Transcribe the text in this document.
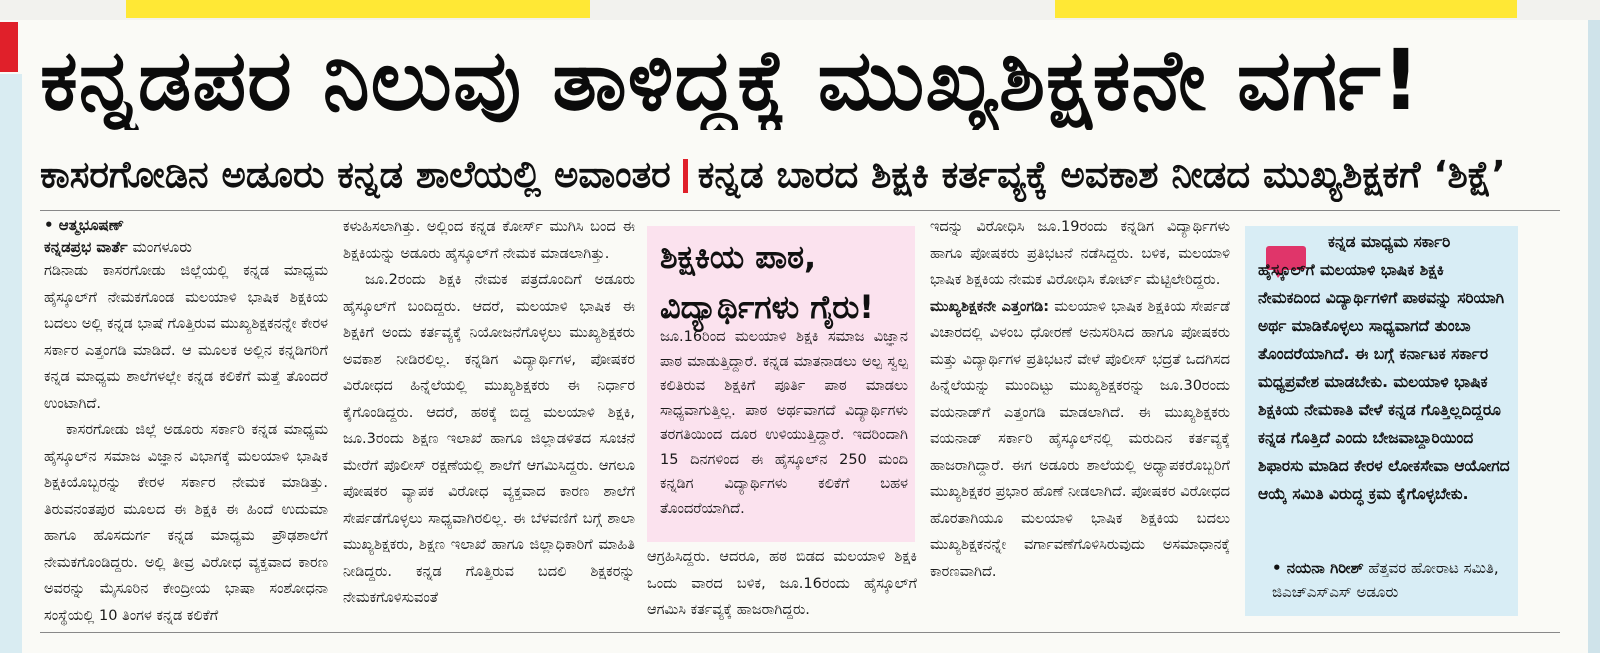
ಕನ್ನಡಪರ ನಿಲುವು ತಾಳಿದ್ದಕ್ಕೆ ಮುಖ್ಯಶಿಕ್ಷಕನೇ ವರ್ಗ!
ಕಾಸರಗೋಡಿನ ಅಡೂರು ಕನ್ನಡ ಶಾಲೆಯಲ್ಲಿ ಅವಾಂತರ ಕನ್ನಡ ಬಾರದ ಶಿಕ್ಷಕಿ ಕರ್ತವ್ಯಕ್ಕೆ ಅವಕಾಶ ನೀಡದ ಮುಖ್ಯಶಿಕ್ಷಕಗೆ ‘ಶಿಕ್ಷೆ’
• ಆತ್ಮಭೂಷಣ್
ಕನ್ನಡಪ್ರಭ ವಾರ್ತೆ ಮಂಗಳೂರು

ಗಡಿನಾಡು ಕಾಸರಗೋಡು ಜಿಲ್ಲೆಯಲ್ಲಿ ಕನ್ನಡ ಮಾಧ್ಯಮ ಹೈಸ್ಕೂಲ್‌ಗೆ ನೇಮಕಗೊಂಡ ಮಲಯಾಳಿ ಭಾಷಿಕ ಶಿಕ್ಷಕಿಯ ಬದಲು ಅಲ್ಲಿ ಕನ್ನಡ ಭಾಷೆ ಗೊತ್ತಿರುವ ಮುಖ್ಯಶಿಕ್ಷಕನನ್ನೇ ಕೇರಳ ಸರ್ಕಾರ ಎತ್ತಂಗಡಿ ಮಾಡಿದೆ. ಆ ಮೂಲಕ ಅಲ್ಲಿನ ಕನ್ನಡಿಗರಿಗೆ ಕನ್ನಡ ಮಾಧ್ಯಮ ಶಾಲೆಗಳಲ್ಲೇ ಕನ್ನಡ ಕಲಿಕೆಗೆ ಮತ್ತೆ ತೊಂದರೆ ಉಂಟಾಗಿದೆ.

ಕಾಸರಗೋಡು ಜಿಲ್ಲೆ ಅಡೂರು ಸರ್ಕಾರಿ ಕನ್ನಡ ಮಾಧ್ಯಮ ಹೈಸ್ಕೂಲ್‌ನ ಸಮಾಜ ವಿಜ್ಞಾನ ವಿಭಾಗಕ್ಕೆ ಮಲಯಾಳಿ ಭಾಷಿಕ ಶಿಕ್ಷಕಿಯೊಬ್ಬರನ್ನು ಕೇರಳ ಸರ್ಕಾರ ನೇಮಕ ಮಾಡಿತ್ತು. ತಿರುವನಂತಪುರ ಮೂಲದ ಈ ಶಿಕ್ಷಕಿ ಈ ಹಿಂದೆ ಉದುಮಾ ಹಾಗೂ ಹೊಸದುರ್ಗ ಕನ್ನಡ ಮಾಧ್ಯಮ ಪ್ರೌಢಶಾಲೆಗೆ ನೇಮಕಗೊಂಡಿದ್ದರು. ಅಲ್ಲಿ ತೀವ್ರ ವಿರೋಧ ವ್ಯಕ್ತವಾದ ಕಾರಣ ಅವರನ್ನು ಮೈಸೂರಿನ ಕೇಂದ್ರೀಯ ಭಾಷಾ ಸಂಶೋಧನಾ ಸಂಸ್ಥೆಯಲ್ಲಿ 10 ತಿಂಗಳ ಕನ್ನಡ ಕಲಿಕೆಗೆ

ಕಳುಹಿಸಲಾಗಿತ್ತು. ಅಲ್ಲಿಂದ ಕನ್ನಡ ಕೋರ್ಸ್ ಮುಗಿಸಿ ಬಂದ ಈ ಶಿಕ್ಷಕಿಯನ್ನು ಅಡೂರು ಹೈಸ್ಕೂಲ್‌ಗೆ ನೇಮಕ ಮಾಡಲಾಗಿತ್ತು.

ಜೂ.2ರಂದು ಶಿಕ್ಷಕಿ ನೇಮಕ ಪತ್ರದೊಂದಿಗೆ ಅಡೂರು ಹೈಸ್ಕೂಲ್‌ಗೆ ಬಂದಿದ್ದರು. ಆದರೆ, ಮಲಯಾಳಿ ಭಾಷಿಕ ಈ ಶಿಕ್ಷಕಿಗೆ ಅಂದು ಕರ್ತವ್ಯಕ್ಕೆ ನಿಯೋಜನೆಗೊಳ್ಳಲು ಮುಖ್ಯಶಿಕ್ಷಕರು ಅವಕಾಶ ನೀಡಿರಲಿಲ್ಲ. ಕನ್ನಡಿಗ ವಿದ್ಯಾರ್ಥಿಗಳ, ಪೋಷಕರ ವಿರೋಧದ ಹಿನ್ನೆಲೆಯಲ್ಲಿ ಮುಖ್ಯಶಿಕ್ಷಕರು ಈ ನಿರ್ಧಾರ ಕೈಗೊಂಡಿದ್ದರು. ಆದರೆ, ಹಠಕ್ಕೆ ಬಿದ್ದ ಮಲಯಾಳಿ ಶಿಕ್ಷಕಿ, ಜೂ.3ರಂದು ಶಿಕ್ಷಣ ಇಲಾಖೆ ಹಾಗೂ ಜಿಲ್ಲಾಡಳಿತದ ಸೂಚನೆ ಮೇರೆಗೆ ಪೊಲೀಸ್ ರಕ್ಷಣೆಯಲ್ಲಿ ಶಾಲೆಗೆ ಆಗಮಿಸಿದ್ದರು. ಆಗಲೂ ಪೋಷಕರ ವ್ಯಾಪಕ ವಿರೋಧ ವ್ಯಕ್ತವಾದ ಕಾರಣ ಶಾಲೆಗೆ ಸೇರ್ಪಡೆಗೊಳ್ಳಲು ಸಾಧ್ಯವಾಗಿರಲಿಲ್ಲ. ಈ ಬೆಳವಣಿಗೆ ಬಗ್ಗೆ ಶಾಲಾ ಮುಖ್ಯಶಿಕ್ಷಕರು, ಶಿಕ್ಷಣ ಇಲಾಖೆ ಹಾಗೂ ಜಿಲ್ಲಾಧಿಕಾರಿಗೆ ಮಾಹಿತಿ ನೀಡಿದ್ದರು. ಕನ್ನಡ ಗೊತ್ತಿರುವ ಬದಲಿ ಶಿಕ್ಷಕರನ್ನು ನೇಮಕಗೊಳಿಸುವಂತೆ

ಶಿಕ್ಷಕಿಯ ಪಾಠ,
ವಿದ್ಯಾರ್ಥಿಗಳು ಗೈರು!
ಜೂ.16ರಿಂದ ಮಲಯಾಳಿ ಶಿಕ್ಷಕಿ ಸಮಾಜ ವಿಜ್ಞಾನ ಪಾಠ ಮಾಡುತ್ತಿದ್ದಾರೆ. ಕನ್ನಡ ಮಾತನಾಡಲು ಅಲ್ಪ ಸ್ವಲ್ಪ ಕಲಿತಿರುವ ಶಿಕ್ಷಕಿಗೆ ಪೂರ್ತಿ ಪಾಠ ಮಾಡಲು ಸಾಧ್ಯವಾಗುತ್ತಿಲ್ಲ. ಪಾಠ ಅರ್ಥವಾಗದೆ ವಿದ್ಯಾರ್ಥಿಗಳು ತರಗತಿಯಿಂದ ದೂರ ಉಳಿಯುತ್ತಿದ್ದಾರೆ. ಇದರಿಂದಾಗಿ 15 ದಿನಗಳಿಂದ ಈ ಹೈಸ್ಕೂಲ್‌ನ 250 ಮಂದಿ ಕನ್ನಡಿಗ ವಿದ್ಯಾರ್ಥಿಗಳು ಕಲಿಕೆಗೆ ಬಹಳ ತೊಂದರೆಯಾಗಿದೆ.

ಆಗ್ರಹಿಸಿದ್ದರು. ಆದರೂ, ಹಠ ಬಿಡದ ಮಲಯಾಳಿ ಶಿಕ್ಷಕಿ ಒಂದು ವಾರದ ಬಳಿಕ, ಜೂ.16ರಂದು ಹೈಸ್ಕೂಲ್‌ಗೆ ಆಗಮಿಸಿ ಕರ್ತವ್ಯಕ್ಕೆ ಹಾಜರಾಗಿದ್ದರು.

ಇದನ್ನು ವಿರೋಧಿಸಿ ಜೂ.19ರಂದು ಕನ್ನಡಿಗ ವಿದ್ಯಾರ್ಥಿಗಳು ಹಾಗೂ ಪೋಷಕರು ಪ್ರತಿಭಟನೆ ನಡೆಸಿದ್ದರು. ಬಳಿಕ, ಮಲಯಾಳಿ ಭಾಷಿಕ ಶಿಕ್ಷಕಿಯ ನೇಮಕ ವಿರೋಧಿಸಿ ಕೋರ್ಟ್ ಮೆಟ್ಟಿಲೇರಿದ್ದರು.

ಮುಖ್ಯಶಿಕ್ಷಕನೇ ಎತ್ತಂಗಡಿ: ಮಲಯಾಳಿ ಭಾಷಿಕ ಶಿಕ್ಷಕಿಯ ಸೇರ್ಪಡೆ ವಿಚಾರದಲ್ಲಿ ವಿಳಂಬ ಧೋರಣೆ ಅನುಸರಿಸಿದ ಹಾಗೂ ಪೋಷಕರು ಮತ್ತು ವಿದ್ಯಾರ್ಥಿಗಳ ಪ್ರತಿಭಟನೆ ವೇಳೆ ಪೊಲೀಸ್ ಭದ್ರತೆ ಒದಗಿಸದ ಹಿನ್ನೆಲೆಯನ್ನು ಮುಂದಿಟ್ಟು ಮುಖ್ಯಶಿಕ್ಷಕರನ್ನು ಜೂ.30ರಂದು ವಯನಾಡ್‌ಗೆ ಎತ್ತಂಗಡಿ ಮಾಡಲಾಗಿದೆ. ಈ ಮುಖ್ಯಶಿಕ್ಷಕರು ವಯನಾಡ್ ಸರ್ಕಾರಿ ಹೈಸ್ಕೂಲ್‌ನಲ್ಲಿ ಮರುದಿನ ಕರ್ತವ್ಯಕ್ಕೆ ಹಾಜರಾಗಿದ್ದಾರೆ. ಈಗ ಅಡೂರು ಶಾಲೆಯಲ್ಲಿ ಅಧ್ಯಾಪಕರೊಬ್ಬರಿಗೆ ಮುಖ್ಯಶಿಕ್ಷಕರ ಪ್ರಭಾರ ಹೊಣೆ ನೀಡಲಾಗಿದೆ. ಪೋಷಕರ ವಿರೋಧದ ಹೊರತಾಗಿಯೂ ಮಲಯಾಳಿ ಭಾಷಿಕ ಶಿಕ್ಷಕಿಯ ಬದಲು ಮುಖ್ಯಶಿಕ್ಷಕನನ್ನೇ ವರ್ಗಾವಣೆಗೊಳಿಸಿರುವುದು ಅಸಮಾಧಾನಕ್ಕೆ ಕಾರಣವಾಗಿದೆ.

ಕನ್ನಡ ಮಾಧ್ಯಮ ಸರ್ಕಾರಿ ಹೈಸ್ಕೂಲ್‌ಗೆ ಮಲಯಾಳಿ ಭಾಷಿಕ ಶಿಕ್ಷಕಿ ನೇಮಕದಿಂದ ವಿದ್ಯಾರ್ಥಿಗಳಿಗೆ ಪಾಠವನ್ನು ಸರಿಯಾಗಿ ಅರ್ಥ ಮಾಡಿಕೊಳ್ಳಲು ಸಾಧ್ಯವಾಗದೆ ತುಂಬಾ ತೊಂದರೆಯಾಗಿದೆ. ಈ ಬಗ್ಗೆ ಕರ್ನಾಟಕ ಸರ್ಕಾರ ಮಧ್ಯಪ್ರವೇಶ ಮಾಡಬೇಕು. ಮಲಯಾಳಿ ಭಾಷಿಕ ಶಿಕ್ಷಕಿಯ ನೇಮಕಾತಿ ವೇಳೆ ಕನ್ನಡ ಗೊತ್ತಿಲ್ಲದಿದ್ದರೂ ಕನ್ನಡ ಗೊತ್ತಿದೆ ಎಂದು ಬೇಜವಾಬ್ದಾರಿಯಿಂದ ಶಿಫಾರಸು ಮಾಡಿದ ಕೇರಳ ಲೋಕಸೇವಾ ಆಯೋಗದ ಆಯ್ಕೆ ಸಮಿತಿ ವಿರುದ್ಧ ಕ್ರಮ ಕೈಗೊಳ್ಳಬೇಕು.
• ನಯನಾ ಗಿರೀಶ್ ಹೆತ್ತವರ ಹೋರಾಟ ಸಮಿತಿ, ಜಿಎಚ್‌ಎಸ್‌ಎಸ್ ಅಡೂರು
